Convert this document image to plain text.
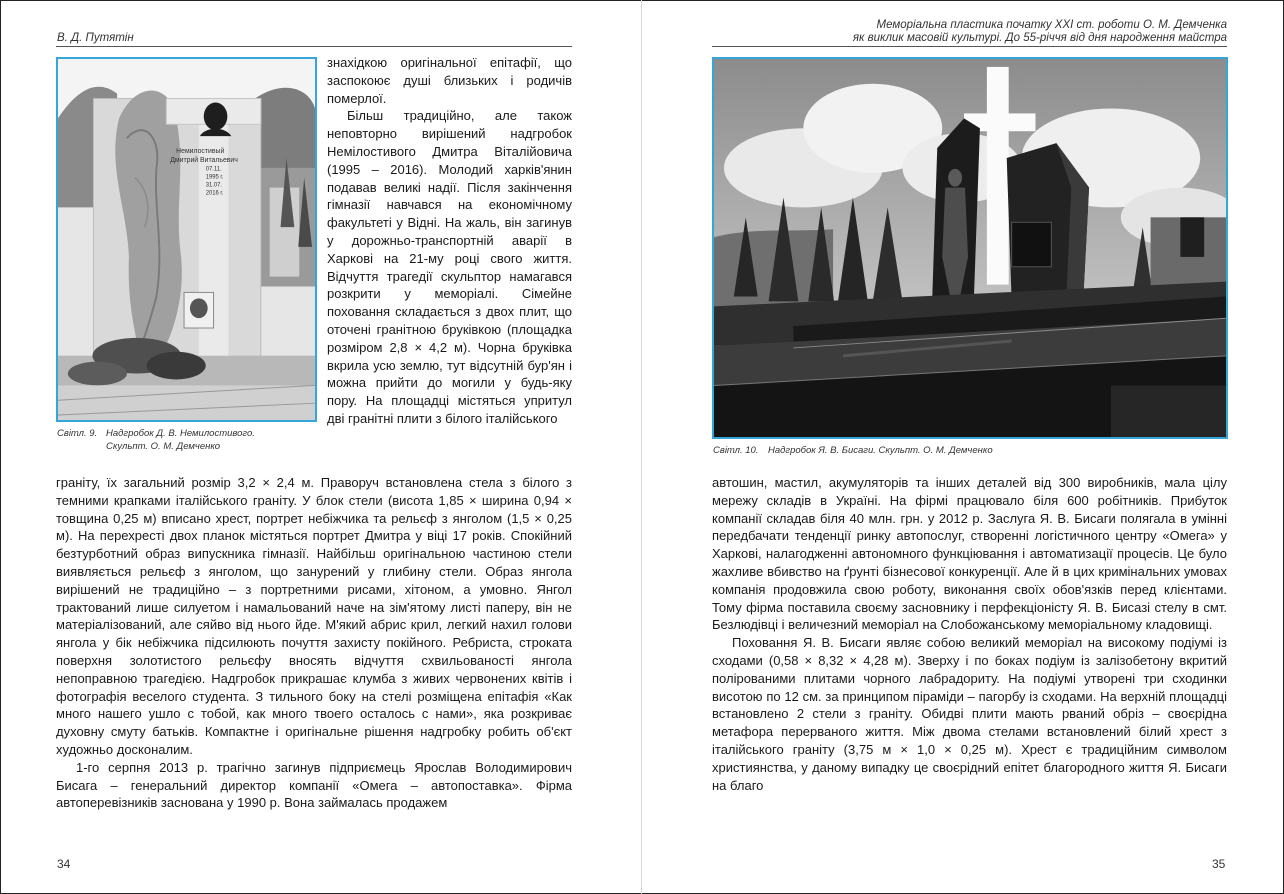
В. Д. Путятін
Немилостивый
Дмитрий Витальевич
07.11.
1995 г.
31.07.
2016 г.
Світл. 9. Надгробок Д. В. Немилостивого.
Скульпт. О. М. Демченко

знахідкою оригінальної епітафії, що заспокоює душі близьких і родичів померлої.

Більш традиційно, але також неповторно вирішений надгробок Немілостивого Дмитра Віталійовича (1995 – 2016). Молодий харків'янин подавав великі надії. Після закінчення гімназії навчався на економічному факультеті у Відні. На жаль, він загинув у дорожньо-транспортній аварії в Харкові на 21-му році свого життя. Відчуття трагедії скульптор намагався розкрити у меморіалі. Сімейне поховання складається з двох плит, що оточені гранітною бруківкою (площадка розміром 2,8 × 4,2 м). Чорна бруківка вкрила усю землю, тут відсутній бур'ян і можна прийти до могили у будь-яку пору. На площадці містяться упритул дві гранітні плити з білого італійського

граніту, їх загальний розмір 3,2 × 2,4 м. Праворуч встановлена стела з білого з темними крапками італійського граніту. У блок стели (висота 1,85 × ширина 0,94 × товщина 0,25 м) вписано хрест, портрет небіжчика та рельєф з янголом (1,5 × 0,25 м). На перехресті двох планок містяться портрет Дмитра у віці 17 років. Спокійний безтурботний образ випускника гімназії. Найбільш оригінальною частиною стели виявляється рельєф з янголом, що занурений у глибину стели. Образ янгола вирішений не традиційно – з портретними рисами, хітоном, а умовно. Янгол трактований лише силуетом і намальований наче на зім'ятому листі паперу, він не матеріалізований, але сяйво від нього йде. М'який абрис крил, легкий нахил голови янгола у бік небіжчика підсилюють почуття захисту покійного. Ребриста, строката поверхня золотистого рельєфу вносять відчуття схвильованості янгола непоправною трагедією. Надгробок прикрашає клумба з живих червонених квітів і фотографія веселого студента. З тильного боку на стелі розміщена епітафія «Как много нашего ушло с тобой, как много твоего осталось с нами», яка розкриває духовну смуту батьків. Компактне і оригінальне рішення надгробку робить об'єкт художньо досконалим.

1-го серпня 2013 р. трагічно загинув підприємець Ярослав Володимирович Бисага – генеральний директор компанії «Омега – автопоставка». Фірма автоперевізників заснована у 1990 р. Вона займалась продажем

34
Меморіальна пластика початку XXI ст. роботи О. М. Демченка
як виклик масовій культурі. До 55-річчя від дня народження майстра
Світл. 10. Надгробок Я. В. Бисаги. Скульпт. О. М. Демченко

автошин, мастил, акумуляторів та інших деталей від 300 виробників, мала цілу мережу складів в Україні. На фірмі працювало біля 600 робітників. Прибуток компанії складав біля 40 млн. грн. у 2012 р. Заслуга Я. В. Бисаги полягала в умінні передбачати тенденції ринку автопослуг, створенні логістичного центру «Омега» у Харкові, налагодженні автономного функціювання і автоматизації процесів. Це було жахливе вбивство на ґрунті бізнесової конкуренції. Але й в цих кримінальних умовах компанія продовжила свою роботу, виконання своїх обов'язків перед клієнтами. Тому фірма поставила своєму засновнику і перфекціоністу Я. В. Бисазі стелу в смт. Безлюдівці і величезний меморіал на Слобожанському меморіальному кладовищі.

Поховання Я. В. Бисаги являє собою великий меморіал на високому подіумі із сходами (0,58 × 8,32 × 4,28 м). Зверху і по боках подіум із залізобетону вкритий полірованими плитами чорного лабрадориту. На подіумі утворені три сходинки висотою по 12 см. за принципом піраміди – пагорбу із сходами. На верхній площадці встановлено 2 стели з граніту. Обидві плити мають рваний обріз – своєрідна метафора перерваного життя. Між двома стелами встановлений білий хрест з італійського граніту (3,75 м × 1,0 × 0,25 м). Хрест є традиційним символом християнства, у даному випадку це своєрідний епітет благородного життя Я. Бисаги на благо

35
